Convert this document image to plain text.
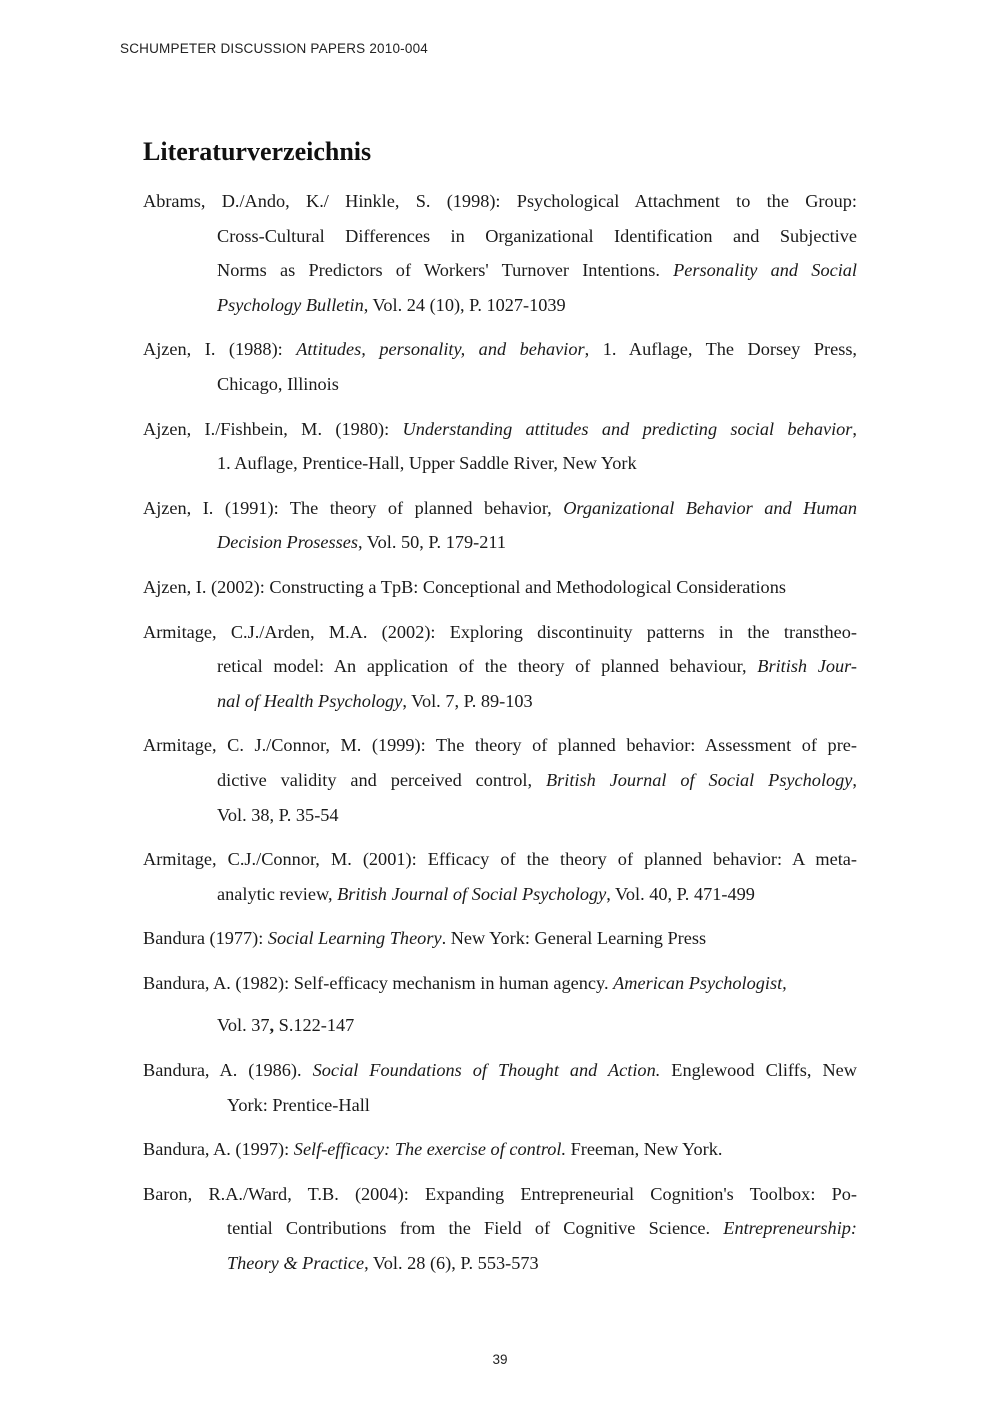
SCHUMPETER DISCUSSION PAPERS 2010-004
Literaturverzeichnis
Abrams, D./Ando, K./ Hinkle, S. (1998): Psychological Attachment to the Group:
Cross-Cultural Differences in Organizational Identification and Subjective
Norms as Predictors of Workers' Turnover Intentions. Personality and Social
Psychology Bulletin, Vol. 24 (10), P. 1027-1039
Ajzen, I. (1988): Attitudes, personality, and behavior, 1. Auflage, The Dorsey Press,
Chicago, Illinois
Ajzen, I./Fishbein, M. (1980): Understanding attitudes and predicting social behavior,
1. Auflage, Prentice-Hall, Upper Saddle River, New York
Ajzen, I. (1991): The theory of planned behavior, Organizational Behavior and Human
Decision Prosesses, Vol. 50, P. 179-211
Ajzen, I. (2002): Constructing a TpB: Conceptional and Methodological Considerations
Armitage, C.J./Arden, M.A. (2002): Exploring discontinuity patterns in the transtheo-
retical model: An application of the theory of planned behaviour, British Jour-
nal of Health Psychology, Vol. 7, P. 89-103
Armitage, C. J./Connor, M. (1999): The theory of planned behavior: Assessment of pre-
dictive validity and perceived control, British Journal of Social Psychology,
Vol. 38, P. 35-54
Armitage, C.J./Connor, M. (2001): Efficacy of the theory of planned behavior: A meta-
analytic review, British Journal of Social Psychology, Vol. 40, P. 471-499
Bandura (1977): Social Learning Theory. New York: General Learning Press
Bandura, A. (1982): Self-efficacy mechanism in human agency. American Psychologist,
Vol. 37, S.122-147
Bandura, A. (1986). Social Foundations of Thought and Action. Englewood Cliffs, New
York: Prentice-Hall
Bandura, A. (1997): Self-efficacy: The exercise of control. Freeman, New York.
Baron, R.A./Ward, T.B. (2004): Expanding Entrepreneurial Cognition's Toolbox: Po-
tential Contributions from the Field of Cognitive Science. Entrepreneurship:
Theory & Practice, Vol. 28 (6), P. 553-573
39
